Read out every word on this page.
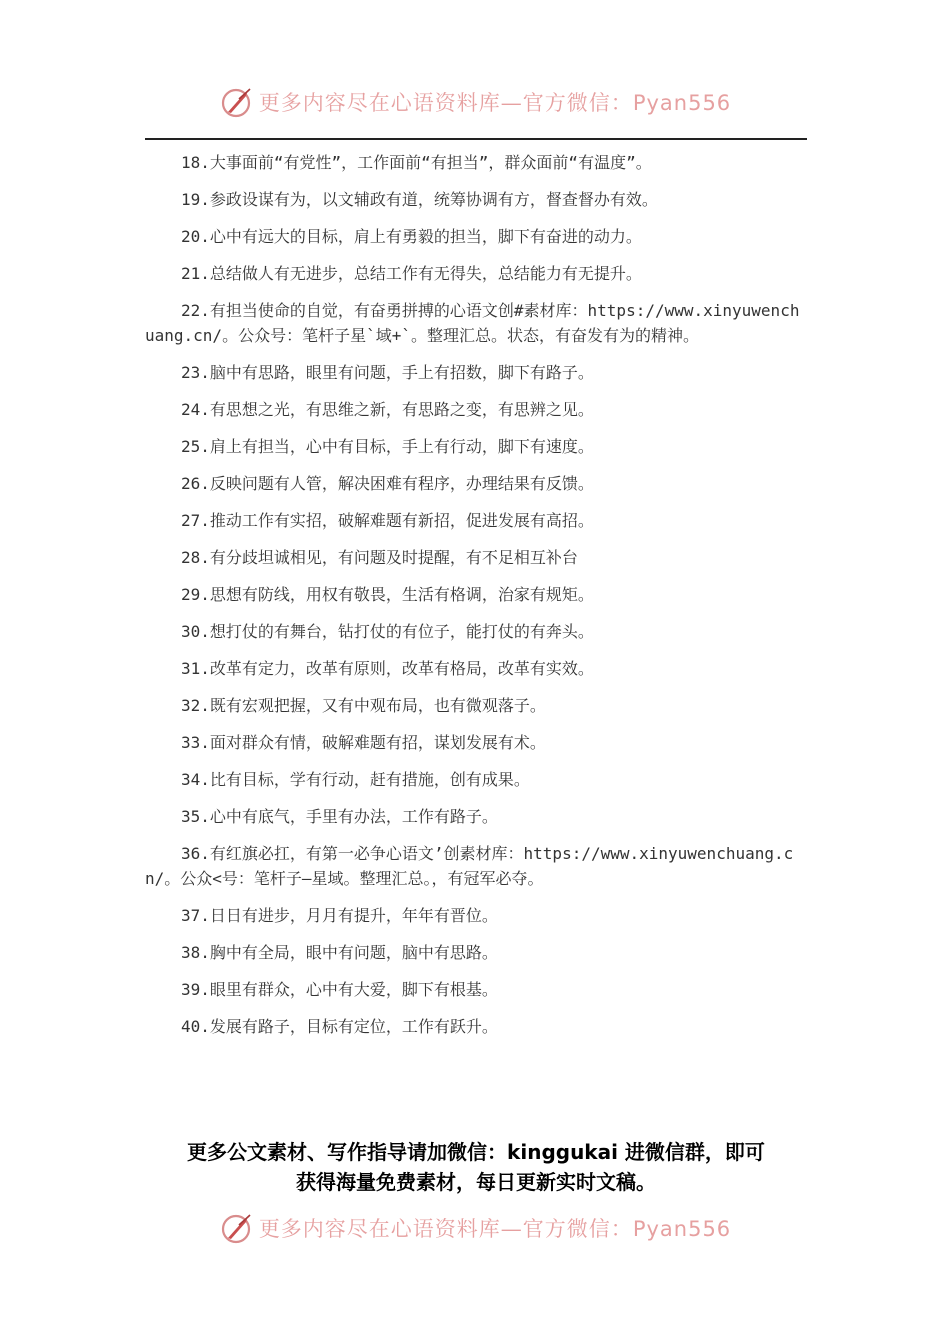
更多内容尽在心语资料库—官方微信：Pyan556

18.大事面前“有党性”，工作面前“有担当”，群众面前“有温度”。

19.参政设谋有为，以文辅政有道，统筹协调有方，督查督办有效。

20.心中有远大的目标，肩上有勇毅的担当，脚下有奋进的动力。

21.总结做人有无进步，总结工作有无得失，总结能力有无提升。

22.有担当使命的自觉，有奋勇拼搏的心语文创#素材库：https://www.xinyuwenchuang.cn/。公众号：笔杆子星`域+`。整理汇总。状态，有奋发有为的精神。

23.脑中有思路，眼里有问题，手上有招数，脚下有路子。

24.有思想之光，有思维之新，有思路之变，有思辨之见。

25.肩上有担当，心中有目标，手上有行动，脚下有速度。

26.反映问题有人管，解决困难有程序，办理结果有反馈。

27.推动工作有实招，破解难题有新招，促进发展有高招。

28.有分歧坦诚相见，有问题及时提醒，有不足相互补台

29.思想有防线，用权有敬畏，生活有格调，治家有规矩。

30.想打仗的有舞台，钻打仗的有位子，能打仗的有奔头。

31.改革有定力，改革有原则，改革有格局，改革有实效。

32.既有宏观把握，又有中观布局，也有微观落子。

33.面对群众有情，破解难题有招，谋划发展有术。

34.比有目标，学有行动，赶有措施，创有成果。

35.心中有底气，手里有办法，工作有路子。

36.有红旗必扛，有第一必争心语文’创素材库：https://www.xinyuwenchuang.cn/。公众<号：笔杆子—星域。整理汇总。，有冠军必夺。

37.日日有进步，月月有提升，年年有晋位。

38.胸中有全局，眼中有问题，脑中有思路。

39.眼里有群众，心中有大爱，脚下有根基。

40.发展有路子，目标有定位，工作有跃升。

更多公文素材、写作指导请加微信：kinggukai 进微信群，即可
获得海量免费素材，每日更新实时文稿。
更多内容尽在心语资料库—官方微信：Pyan556
